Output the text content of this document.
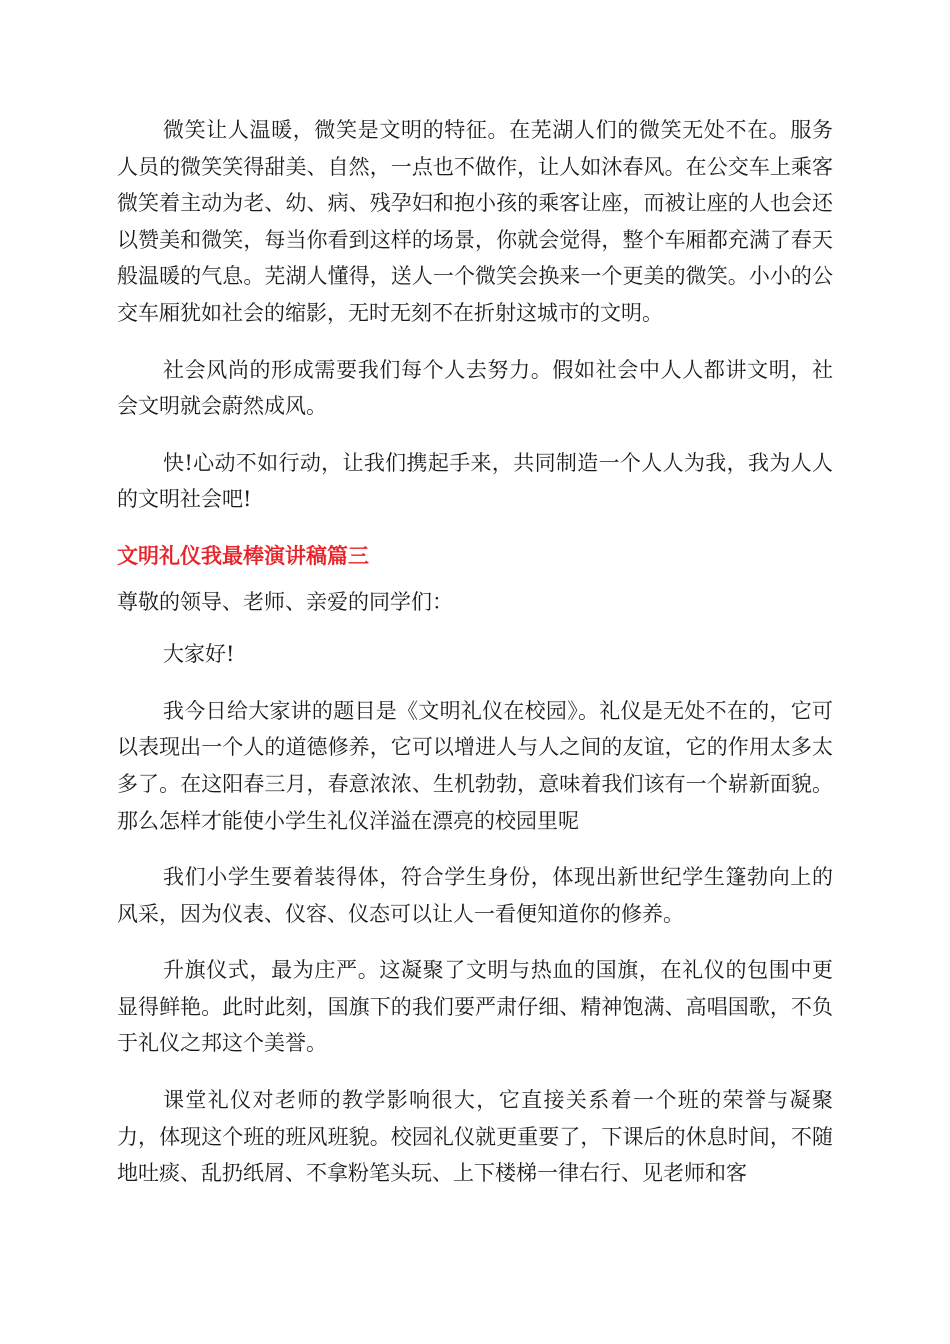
微笑让人温暖，微笑是文明的特征。在芜湖人们的微笑无处不在。服务人员的微笑笑得甜美、自然，一点也不做作，让人如沐春风。在公交车上乘客微笑着主动为老、幼、病、残孕妇和抱小孩的乘客让座，而被让座的人也会还以赞美和微笑，每当你看到这样的场景，你就会觉得，整个车厢都充满了春天般温暖的气息。芜湖人懂得，送人一个微笑会换来一个更美的微笑。小小的公交车厢犹如社会的缩影，无时无刻不在折射这城市的文明。

社会风尚的形成需要我们每个人去努力。假如社会中人人都讲文明，社会文明就会蔚然成风。

快!心动不如行动，让我们携起手来，共同制造一个人人为我，我为人人的文明社会吧!

文明礼仪我最棒演讲稿篇三

尊敬的领导、老师、亲爱的同学们：

大家好!

我今日给大家讲的题目是《文明礼仪在校园》。礼仪是无处不在的，它可以表现出一个人的道德修养，它可以增进人与人之间的友谊，它的作用太多太多了。在这阳春三月，春意浓浓、生机勃勃，意味着我们该有一个崭新面貌。那么怎样才能使小学生礼仪洋溢在漂亮的校园里呢

我们小学生要着装得体，符合学生身份，体现出新世纪学生篷勃向上的风采，因为仪表、仪容、仪态可以让人一看便知道你的修养。

升旗仪式，最为庄严。这凝聚了文明与热血的国旗，在礼仪的包围中更显得鲜艳。此时此刻，国旗下的我们要严肃仔细、精神饱满、高唱国歌，不负于礼仪之邦这个美誉。

课堂礼仪对老师的教学影响很大，它直接关系着一个班的荣誉与凝聚力，体现这个班的班风班貌。校园礼仪就更重要了，下课后的休息时间，不随地吐痰、乱扔纸屑、不拿粉笔头玩、上下楼梯一律右行、见老师和客
